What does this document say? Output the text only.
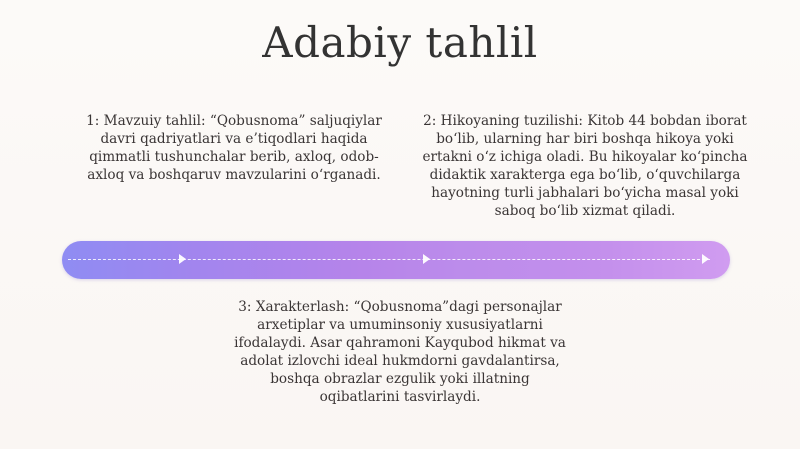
Adabiy tahlil
1: Mavzuiy tahlil: “Qobusnoma” saljuqiylar davri qadriyatlari va e’tiqodlari haqida qimmatli tushunchalar berib, axloq, odob-axloq va boshqaruv mavzularini o‘rganadi.
2: Hikoyaning tuzilishi: Kitob 44 bobdan iborat bo‘lib, ularning har biri boshqa hikoya yoki ertakni o‘z ichiga oladi. Bu hikoyalar ko‘pincha didaktik xarakterga ega bo‘lib, o‘quvchilarga hayotning turli jabhalari bo‘yicha masal yoki saboq bo‘lib xizmat qiladi.
3: Xarakterlash: “Qobusnoma”dagi personajlar arxetiplar va umuminsoniy xususiyatlarni ifodalaydi. Asar qahramoni Kayqubod hikmat va adolat izlovchi ideal hukmdorni gavdalantirsa, boshqa obrazlar ezgulik yoki illatning oqibatlarini tasvirlaydi.
